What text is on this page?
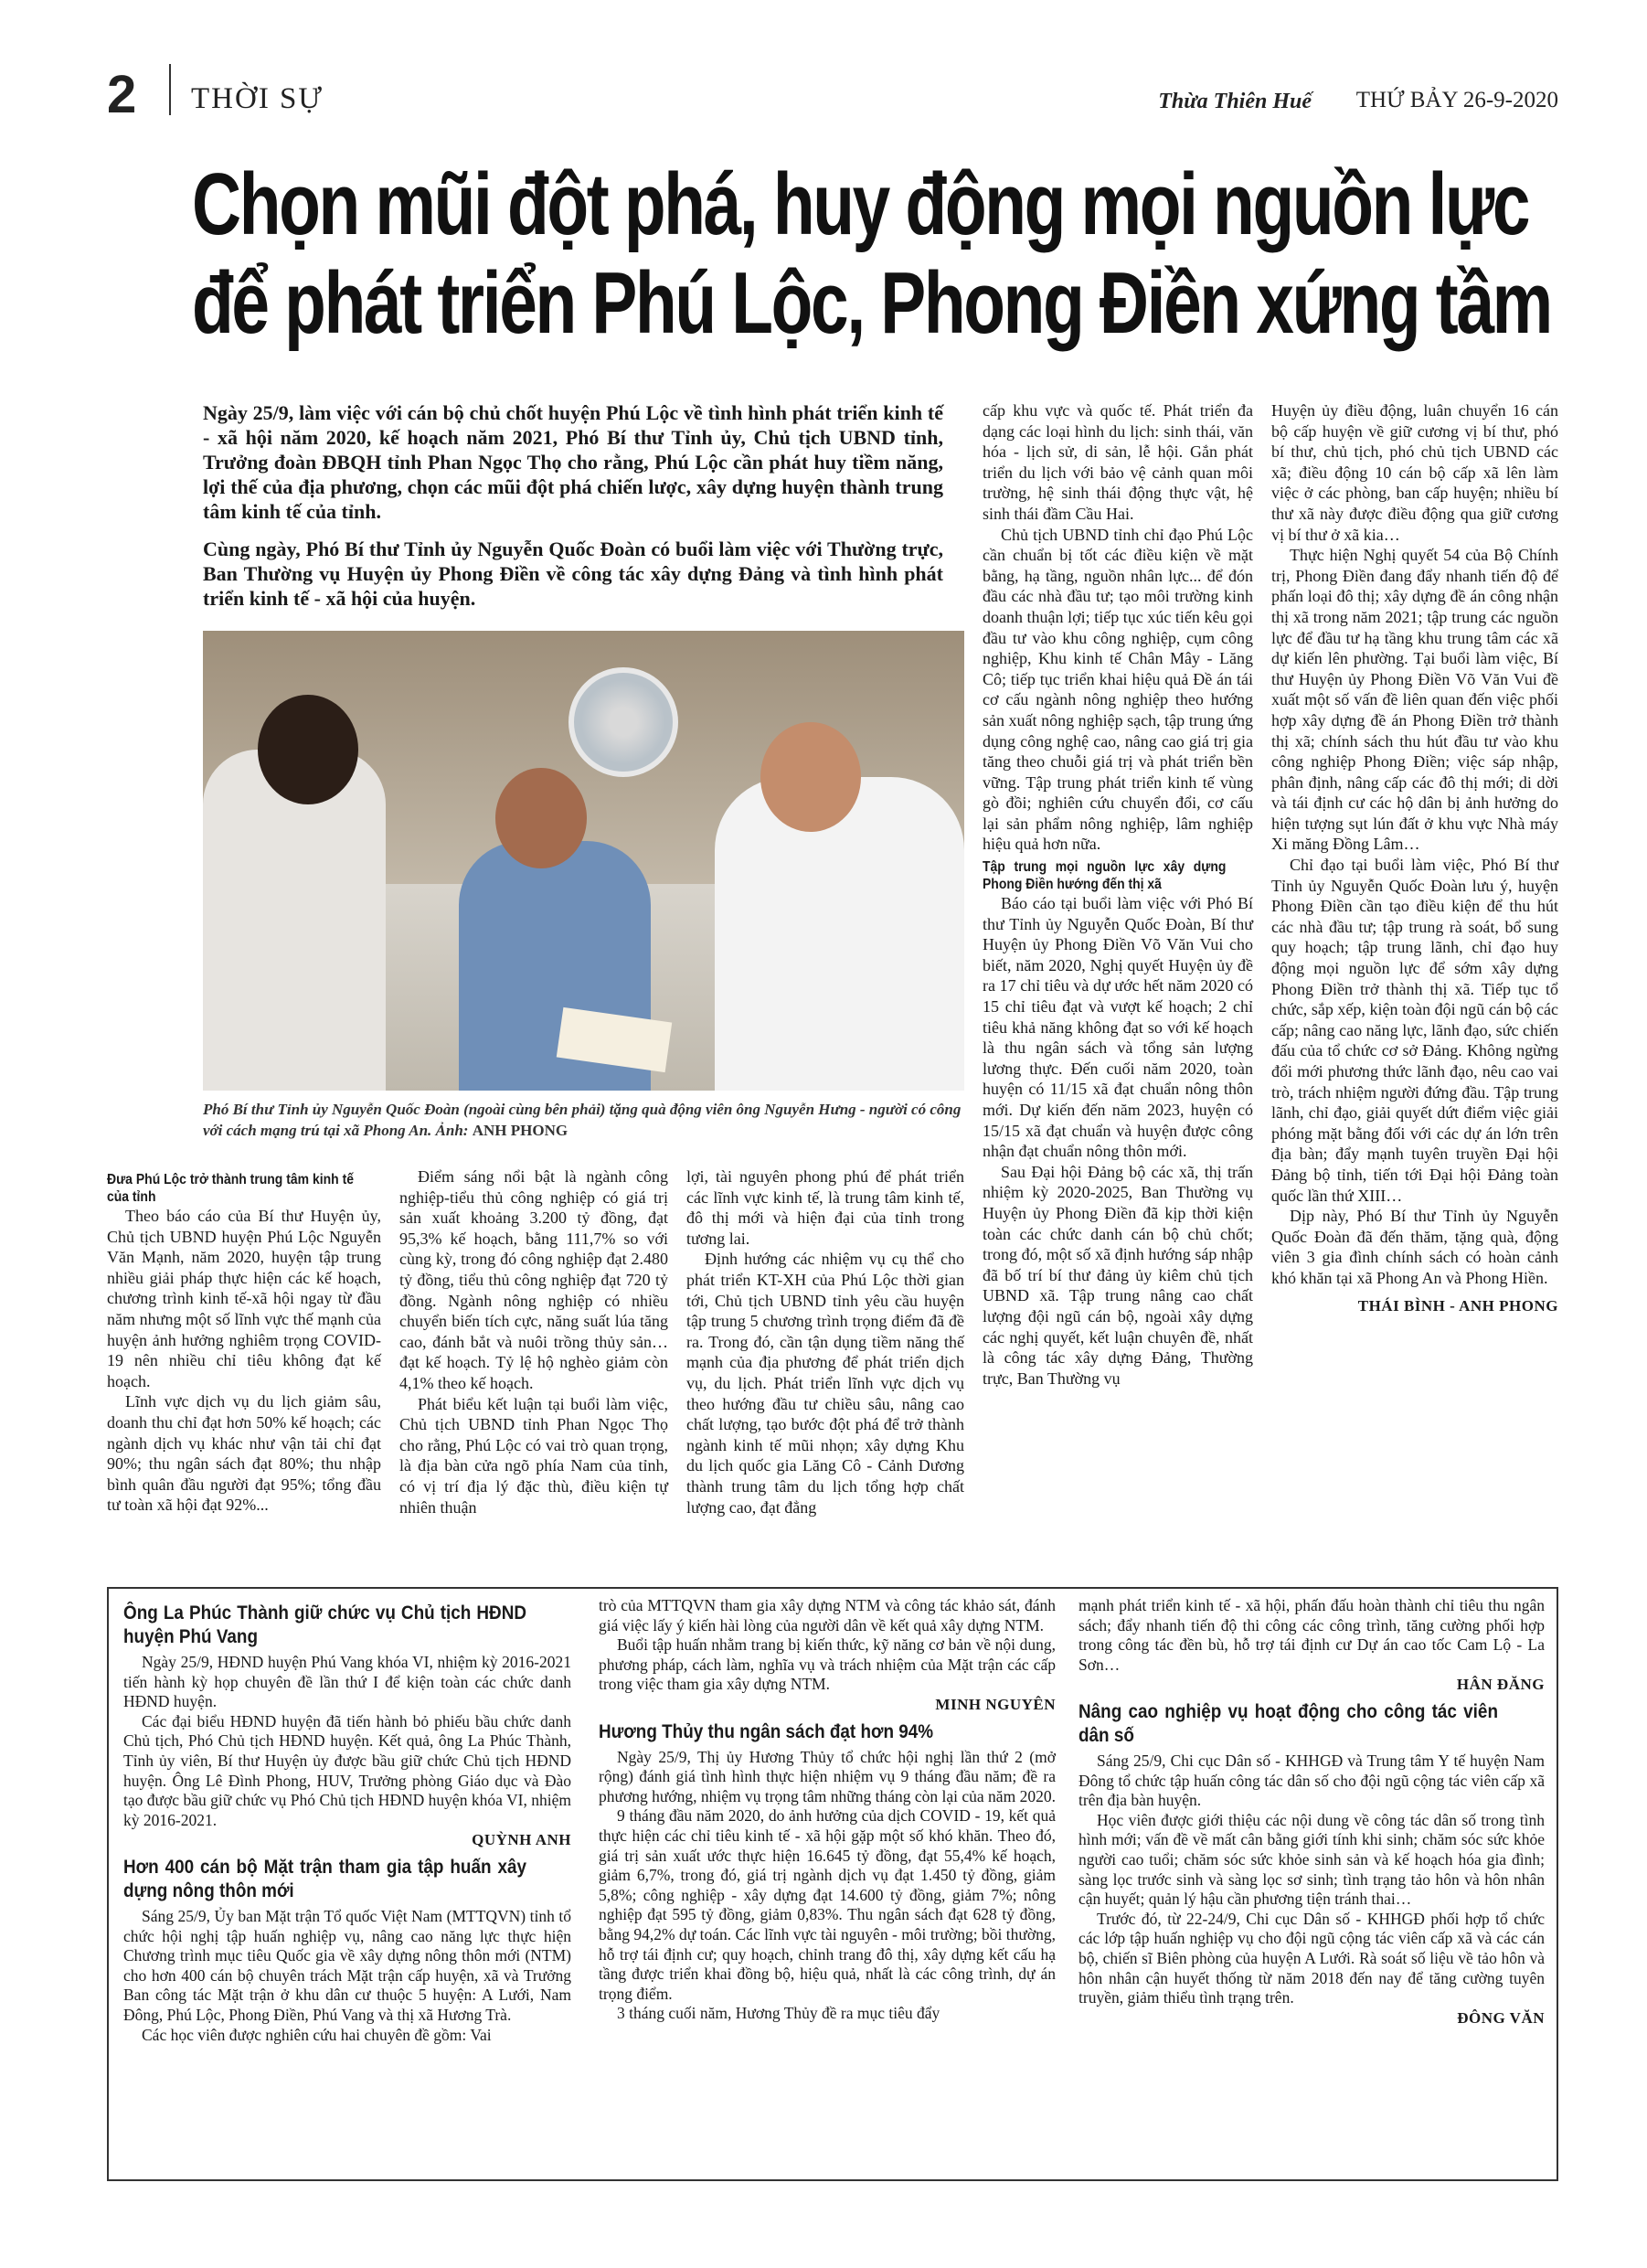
2 THỜI SỰ	Thừa Thiên Huế THỨ BẢY 26-9-2020
Chọn mũi đột phá, huy động mọi nguồn lực
để phát triển Phú Lộc, Phong Điền xứng tầm

Ngày 25/9, làm việc với cán bộ chủ chốt huyện Phú Lộc về tình hình phát triển kinh tế - xã hội năm 2020, kế hoạch năm 2021, Phó Bí thư Tỉnh ủy, Chủ tịch UBND tỉnh, Trưởng đoàn ĐBQH tỉnh Phan Ngọc Thọ cho rằng, Phú Lộc cần phát huy tiềm năng, lợi thế của địa phương, chọn các mũi đột phá chiến lược, xây dựng huyện thành trung tâm kinh tế của tỉnh.

Cùng ngày, Phó Bí thư Tỉnh ủy Nguyễn Quốc Đoàn có buổi làm việc với Thường trực, Ban Thường vụ Huyện ủy Phong Điền về công tác xây dựng Đảng và tình hình phát triển kinh tế - xã hội của huyện.

Phó Bí thư Tỉnh ủy Nguyễn Quốc Đoàn (ngoài cùng bên phải) tặng quà động viên ông Nguyễn Hưng - người có công với cách mạng trú tại xã Phong An. Ảnh: ANH PHONG

Đưa Phú Lộc trở thành trung tâm kinh tế của tỉnh

Theo báo cáo của Bí thư Huyện ủy, Chủ tịch UBND huyện Phú Lộc Nguyễn Văn Mạnh, năm 2020, huyện tập trung nhiều giải pháp thực hiện các kế hoạch, chương trình kinh tế-xã hội ngay từ đầu năm nhưng một số lĩnh vực thế mạnh của huyện ảnh hưởng nghiêm trọng COVID-19 nên nhiều chỉ tiêu không đạt kế hoạch.

Lĩnh vực dịch vụ du lịch giảm sâu, doanh thu chỉ đạt hơn 50% kế hoạch; các ngành dịch vụ khác như vận tải chỉ đạt 90%; thu ngân sách đạt 80%; thu nhập bình quân đầu người đạt 95%; tổng đầu tư toàn xã hội đạt 92%...

Điểm sáng nổi bật là ngành công nghiệp-tiểu thủ công nghiệp có giá trị sản xuất khoảng 3.200 tỷ đồng, đạt 95,3% kế hoạch, bằng 111,7% so với cùng kỳ, trong đó công nghiệp đạt 2.480 tỷ đồng, tiểu thủ công nghiệp đạt 720 tỷ đồng. Ngành nông nghiệp có nhiều chuyển biến tích cực, năng suất lúa tăng cao, đánh bắt và nuôi trồng thủy sản… đạt kế hoạch. Tỷ lệ hộ nghèo giảm còn 4,1% theo kế hoạch.

Phát biểu kết luận tại buổi làm việc, Chủ tịch UBND tỉnh Phan Ngọc Thọ cho rằng, Phú Lộc có vai trò quan trọng, là địa bàn cửa ngõ phía Nam của tỉnh, có vị trí địa lý đặc thù, điều kiện tự nhiên thuận

lợi, tài nguyên phong phú để phát triển các lĩnh vực kinh tế, là trung tâm kinh tế, đô thị mới và hiện đại của tỉnh trong tương lai.

Định hướng các nhiệm vụ cụ thể cho phát triển KT-XH của Phú Lộc thời gian tới, Chủ tịch UBND tỉnh yêu cầu huyện tập trung 5 chương trình trọng điểm đã đề ra. Trong đó, cần tận dụng tiềm năng thế mạnh của địa phương để phát triển dịch vụ, du lịch. Phát triển lĩnh vực dịch vụ theo hướng đầu tư chiều sâu, nâng cao chất lượng, tạo bước đột phá để trở thành ngành kinh tế mũi nhọn; xây dựng Khu du lịch quốc gia Lăng Cô - Cảnh Dương thành trung tâm du lịch tổng hợp chất lượng cao, đạt đẳng

cấp khu vực và quốc tế. Phát triển đa dạng các loại hình du lịch: sinh thái, văn hóa - lịch sử, di sản, lễ hội. Gắn phát triển du lịch với bảo vệ cảnh quan môi trường, hệ sinh thái động thực vật, hệ sinh thái đầm Cầu Hai.

Chủ tịch UBND tỉnh chỉ đạo Phú Lộc cần chuẩn bị tốt các điều kiện về mặt bằng, hạ tầng, nguồn nhân lực... để đón đầu các nhà đầu tư; tạo môi trường kinh doanh thuận lợi; tiếp tục xúc tiến kêu gọi đầu tư vào khu công nghiệp, cụm công nghiệp, Khu kinh tế Chân Mây - Lăng Cô; tiếp tục triển khai hiệu quả Đề án tái cơ cấu ngành nông nghiệp theo hướng sản xuất nông nghiệp sạch, tập trung ứng dụng công nghệ cao, nâng cao giá trị gia tăng theo chuỗi giá trị và phát triển bền vững. Tập trung phát triển kinh tế vùng gò đồi; nghiên cứu chuyển đổi, cơ cấu lại sản phẩm nông nghiệp, lâm nghiệp hiệu quả hơn nữa.

Tập trung mọi nguồn lực xây dựng Phong Điền hướng đến thị xã

Báo cáo tại buổi làm việc với Phó Bí thư Tỉnh ủy Nguyễn Quốc Đoàn, Bí thư Huyện ủy Phong Điền Võ Văn Vui cho biết, năm 2020, Nghị quyết Huyện ủy đề ra 17 chỉ tiêu và dự ước hết năm 2020 có 15 chỉ tiêu đạt và vượt kế hoạch; 2 chỉ tiêu khả năng không đạt so với kế hoạch là thu ngân sách và tổng sản lượng lương thực. Đến cuối năm 2020, toàn huyện có 11/15 xã đạt chuẩn nông thôn mới. Dự kiến đến năm 2023, huyện có 15/15 xã đạt chuẩn và huyện được công nhận đạt chuẩn nông thôn mới.

Sau Đại hội Đảng bộ các xã, thị trấn nhiệm kỳ 2020-2025, Ban Thường vụ Huyện ủy Phong Điền đã kịp thời kiện toàn các chức danh cán bộ chủ chốt; trong đó, một số xã định hướng sáp nhập đã bố trí bí thư đảng ủy kiêm chủ tịch UBND xã. Tập trung nâng cao chất lượng đội ngũ cán bộ, ngoài xây dựng các nghị quyết, kết luận chuyên đề, nhất là công tác xây dựng Đảng, Thường trực, Ban Thường vụ

Huyện ủy điều động, luân chuyển 16 cán bộ cấp huyện về giữ cương vị bí thư, phó bí thư, chủ tịch, phó chủ tịch UBND các xã; điều động 10 cán bộ cấp xã lên làm việc ở các phòng, ban cấp huyện; nhiều bí thư xã này được điều động qua giữ cương vị bí thư ở xã kia…

Thực hiện Nghị quyết 54 của Bộ Chính trị, Phong Điền đang đẩy nhanh tiến độ để phấn loại đô thị; xây dựng đề án công nhận thị xã trong năm 2021; tập trung các nguồn lực để đầu tư hạ tầng khu trung tâm các xã dự kiến lên phường. Tại buổi làm việc, Bí thư Huyện ủy Phong Điền Võ Văn Vui đề xuất một số vấn đề liên quan đến việc phối hợp xây dựng đề án Phong Điền trở thành thị xã; chính sách thu hút đầu tư vào khu công nghiệp Phong Điền; việc sáp nhập, phân định, nâng cấp các đô thị mới; di dời và tái định cư các hộ dân bị ảnh hưởng do hiện tượng sụt lún đất ở khu vực Nhà máy Xi măng Đồng Lâm…

Chỉ đạo tại buổi làm việc, Phó Bí thư Tỉnh ủy Nguyễn Quốc Đoàn lưu ý, huyện Phong Điền cần tạo điều kiện để thu hút các nhà đầu tư; tập trung rà soát, bổ sung quy hoạch; tập trung lãnh, chỉ đạo huy động mọi nguồn lực để sớm xây dựng Phong Điền trở thành thị xã. Tiếp tục tổ chức, sắp xếp, kiện toàn đội ngũ cán bộ các cấp; nâng cao năng lực, lãnh đạo, sức chiến đấu của tổ chức cơ sở Đảng. Không ngừng đổi mới phương thức lãnh đạo, nêu cao vai trò, trách nhiệm người đứng đầu. Tập trung lãnh, chỉ đạo, giải quyết dứt điểm việc giải phóng mặt bằng đối với các dự án lớn trên địa bàn; đẩy mạnh tuyên truyền Đại hội Đảng bộ tỉnh, tiến tới Đại hội Đảng toàn quốc lần thứ XIII…

Dịp này, Phó Bí thư Tỉnh ủy Nguyễn Quốc Đoàn đã đến thăm, tặng quà, động viên 3 gia đình chính sách có hoàn cảnh khó khăn tại xã Phong An và Phong Hiền.

THÁI BÌNH - ANH PHONG

Ông La Phúc Thành giữ chức vụ Chủ tịch HĐND huyện Phú Vang

Ngày 25/9, HĐND huyện Phú Vang khóa VI, nhiệm kỳ 2016-2021 tiến hành kỳ họp chuyên đề lần thứ I để kiện toàn các chức danh HĐND huyện.

Các đại biểu HĐND huyện đã tiến hành bỏ phiếu bầu chức danh Chủ tịch, Phó Chủ tịch HĐND huyện. Kết quả, ông La Phúc Thành, Tỉnh ủy viên, Bí thư Huyện ủy được bầu giữ chức Chủ tịch HĐND huyện. Ông Lê Đình Phong, HUV, Trưởng phòng Giáo dục và Đào tạo được bầu giữ chức vụ Phó Chủ tịch HĐND huyện khóa VI, nhiệm kỳ 2016-2021.

QUỲNH ANH

Hơn 400 cán bộ Mặt trận tham gia tập huấn xây dựng nông thôn mới

Sáng 25/9, Ủy ban Mặt trận Tổ quốc Việt Nam (MTTQVN) tỉnh tổ chức hội nghị tập huấn nghiệp vụ, nâng cao năng lực thực hiện Chương trình mục tiêu Quốc gia về xây dựng nông thôn mới (NTM) cho hơn 400 cán bộ chuyên trách Mặt trận cấp huyện, xã và Trưởng Ban công tác Mặt trận ở khu dân cư thuộc 5 huyện: A Lưới, Nam Đông, Phú Lộc, Phong Điền, Phú Vang và thị xã Hương Trà.

Các học viên được nghiên cứu hai chuyên đề gồm: Vai

trò của MTTQVN tham gia xây dựng NTM và công tác khảo sát, đánh giá việc lấy ý kiến hài lòng của người dân về kết quả xây dựng NTM.

Buổi tập huấn nhằm trang bị kiến thức, kỹ năng cơ bản về nội dung, phương pháp, cách làm, nghĩa vụ và trách nhiệm của Mặt trận các cấp trong việc tham gia xây dựng NTM.

MINH NGUYÊN

Hương Thủy thu ngân sách đạt hơn 94%

Ngày 25/9, Thị ủy Hương Thủy tổ chức hội nghị lần thứ 2 (mở rộng) đánh giá tình hình thực hiện nhiệm vụ 9 tháng đầu năm; đề ra phương hướng, nhiệm vụ trọng tâm những tháng còn lại của năm 2020.

9 tháng đầu năm 2020, do ảnh hưởng của dịch COVID - 19, kết quả thực hiện các chỉ tiêu kinh tế - xã hội gặp một số khó khăn. Theo đó, giá trị sản xuất ước thực hiện 16.645 tỷ đồng, đạt 55,4% kế hoạch, giảm 6,7%, trong đó, giá trị ngành dịch vụ đạt 1.450 tỷ đồng, giảm 5,8%; công nghiệp - xây dựng đạt 14.600 tỷ đồng, giảm 7%; nông nghiệp đạt 595 tỷ đồng, giảm 0,83%. Thu ngân sách đạt 628 tỷ đồng, bằng 94,2% dự toán. Các lĩnh vực tài nguyên - môi trường; bồi thường, hỗ trợ tái định cư; quy hoạch, chỉnh trang đô thị, xây dựng kết cấu hạ tầng được triển khai đồng bộ, hiệu quả, nhất là các công trình, dự án trọng điểm.

3 tháng cuối năm, Hương Thủy đề ra mục tiêu đẩy

mạnh phát triển kinh tế - xã hội, phấn đấu hoàn thành chỉ tiêu thu ngân sách; đẩy nhanh tiến độ thi công các công trình, tăng cường phối hợp trong công tác đền bù, hỗ trợ tái định cư Dự án cao tốc Cam Lộ - La Sơn…

HÂN ĐĂNG

Nâng cao nghiệp vụ hoạt động cho công tác viên dân số

Sáng 25/9, Chi cục Dân số - KHHGĐ và Trung tâm Y tế huyện Nam Đông tổ chức tập huấn công tác dân số cho đội ngũ cộng tác viên cấp xã trên địa bàn huyện.

Học viên được giới thiệu các nội dung về công tác dân số trong tình hình mới; vấn đề về mất cân bằng giới tính khi sinh; chăm sóc sức khỏe người cao tuổi; chăm sóc sức khỏe sinh sản và kế hoạch hóa gia đình; sàng lọc trước sinh và sàng lọc sơ sinh; tình trạng tảo hôn và hôn nhân cận huyết; quản lý hậu cần phương tiện tránh thai…

Trước đó, từ 22-24/9, Chi cục Dân số - KHHGĐ phối hợp tổ chức các lớp tập huấn nghiệp vụ cho đội ngũ cộng tác viên cấp xã và các cán bộ, chiến sĩ Biên phòng của huyện A Lưới. Rà soát số liệu về tảo hôn và hôn nhân cận huyết thống từ năm 2018 đến nay để tăng cường tuyên truyền, giảm thiểu tình trạng trên.

ĐÔNG VĂN
